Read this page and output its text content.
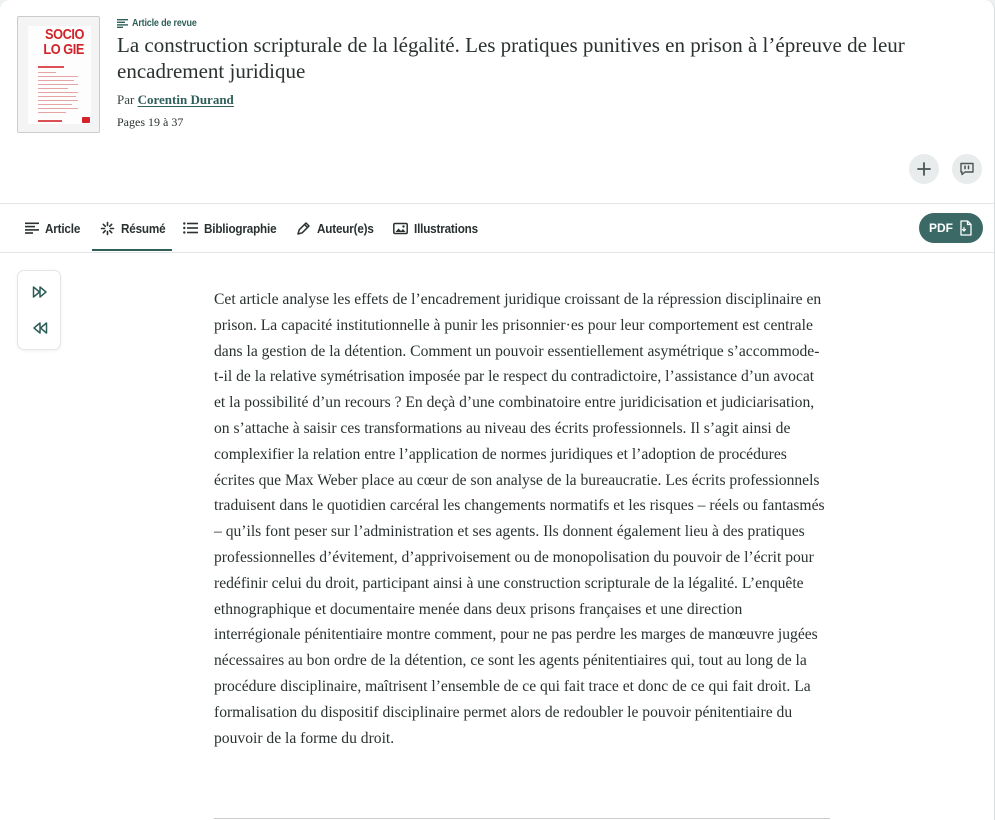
SOCIO LO GIE
Article de revue
La construction scripturale de la légalité. Les pratiques punitives en prison à l’épreuve de leur encadrement juridique
Par Corentin Durand
Pages 19 à 37
Article	Résumé	Bibliographie	Auteur(e)s	Illustrations	PDF

Cet article analyse les effets de l’encadrement juridique croissant de la répression disciplinaire en prison. La capacité institutionnelle à punir les prisonnier·es pour leur comportement est centrale dans la gestion de la détention. Comment un pouvoir essentiellement asymétrique s’accommode-t-il de la relative symétrisation imposée par le respect du contradictoire, l’assistance d’un avocat et la possibilité d’un recours ? En deçà d’une combinatoire entre juridicisation et judiciarisation, on s’attache à saisir ces transformations au niveau des écrits professionnels. Il s’agit ainsi de complexifier la relation entre l’application de normes juridiques et l’adoption de procédures écrites que Max Weber place au cœur de son analyse de la bureaucratie. Les écrits professionnels traduisent dans le quotidien carcéral les changements normatifs et les risques – réels ou fantasmés – qu’ils font peser sur l’administration et ses agents. Ils donnent également lieu à des pratiques professionnelles d’évitement, d’apprivoisement ou de monopolisation du pouvoir de l’écrit pour redéfinir celui du droit, participant ainsi à une construction scripturale de la légalité. L’enquête ethnographique et documentaire menée dans deux prisons françaises et une direction interrégionale pénitentiaire montre comment, pour ne pas perdre les marges de manœuvre jugées nécessaires au bon ordre de la détention, ce sont les agents pénitentiaires qui, tout au long de la procédure disciplinaire, maîtrisent l’ensemble de ce qui fait trace et donc de ce qui fait droit. La formalisation du dispositif disciplinaire permet alors de redoubler le pouvoir pénitentiaire du pouvoir de la forme du droit.
